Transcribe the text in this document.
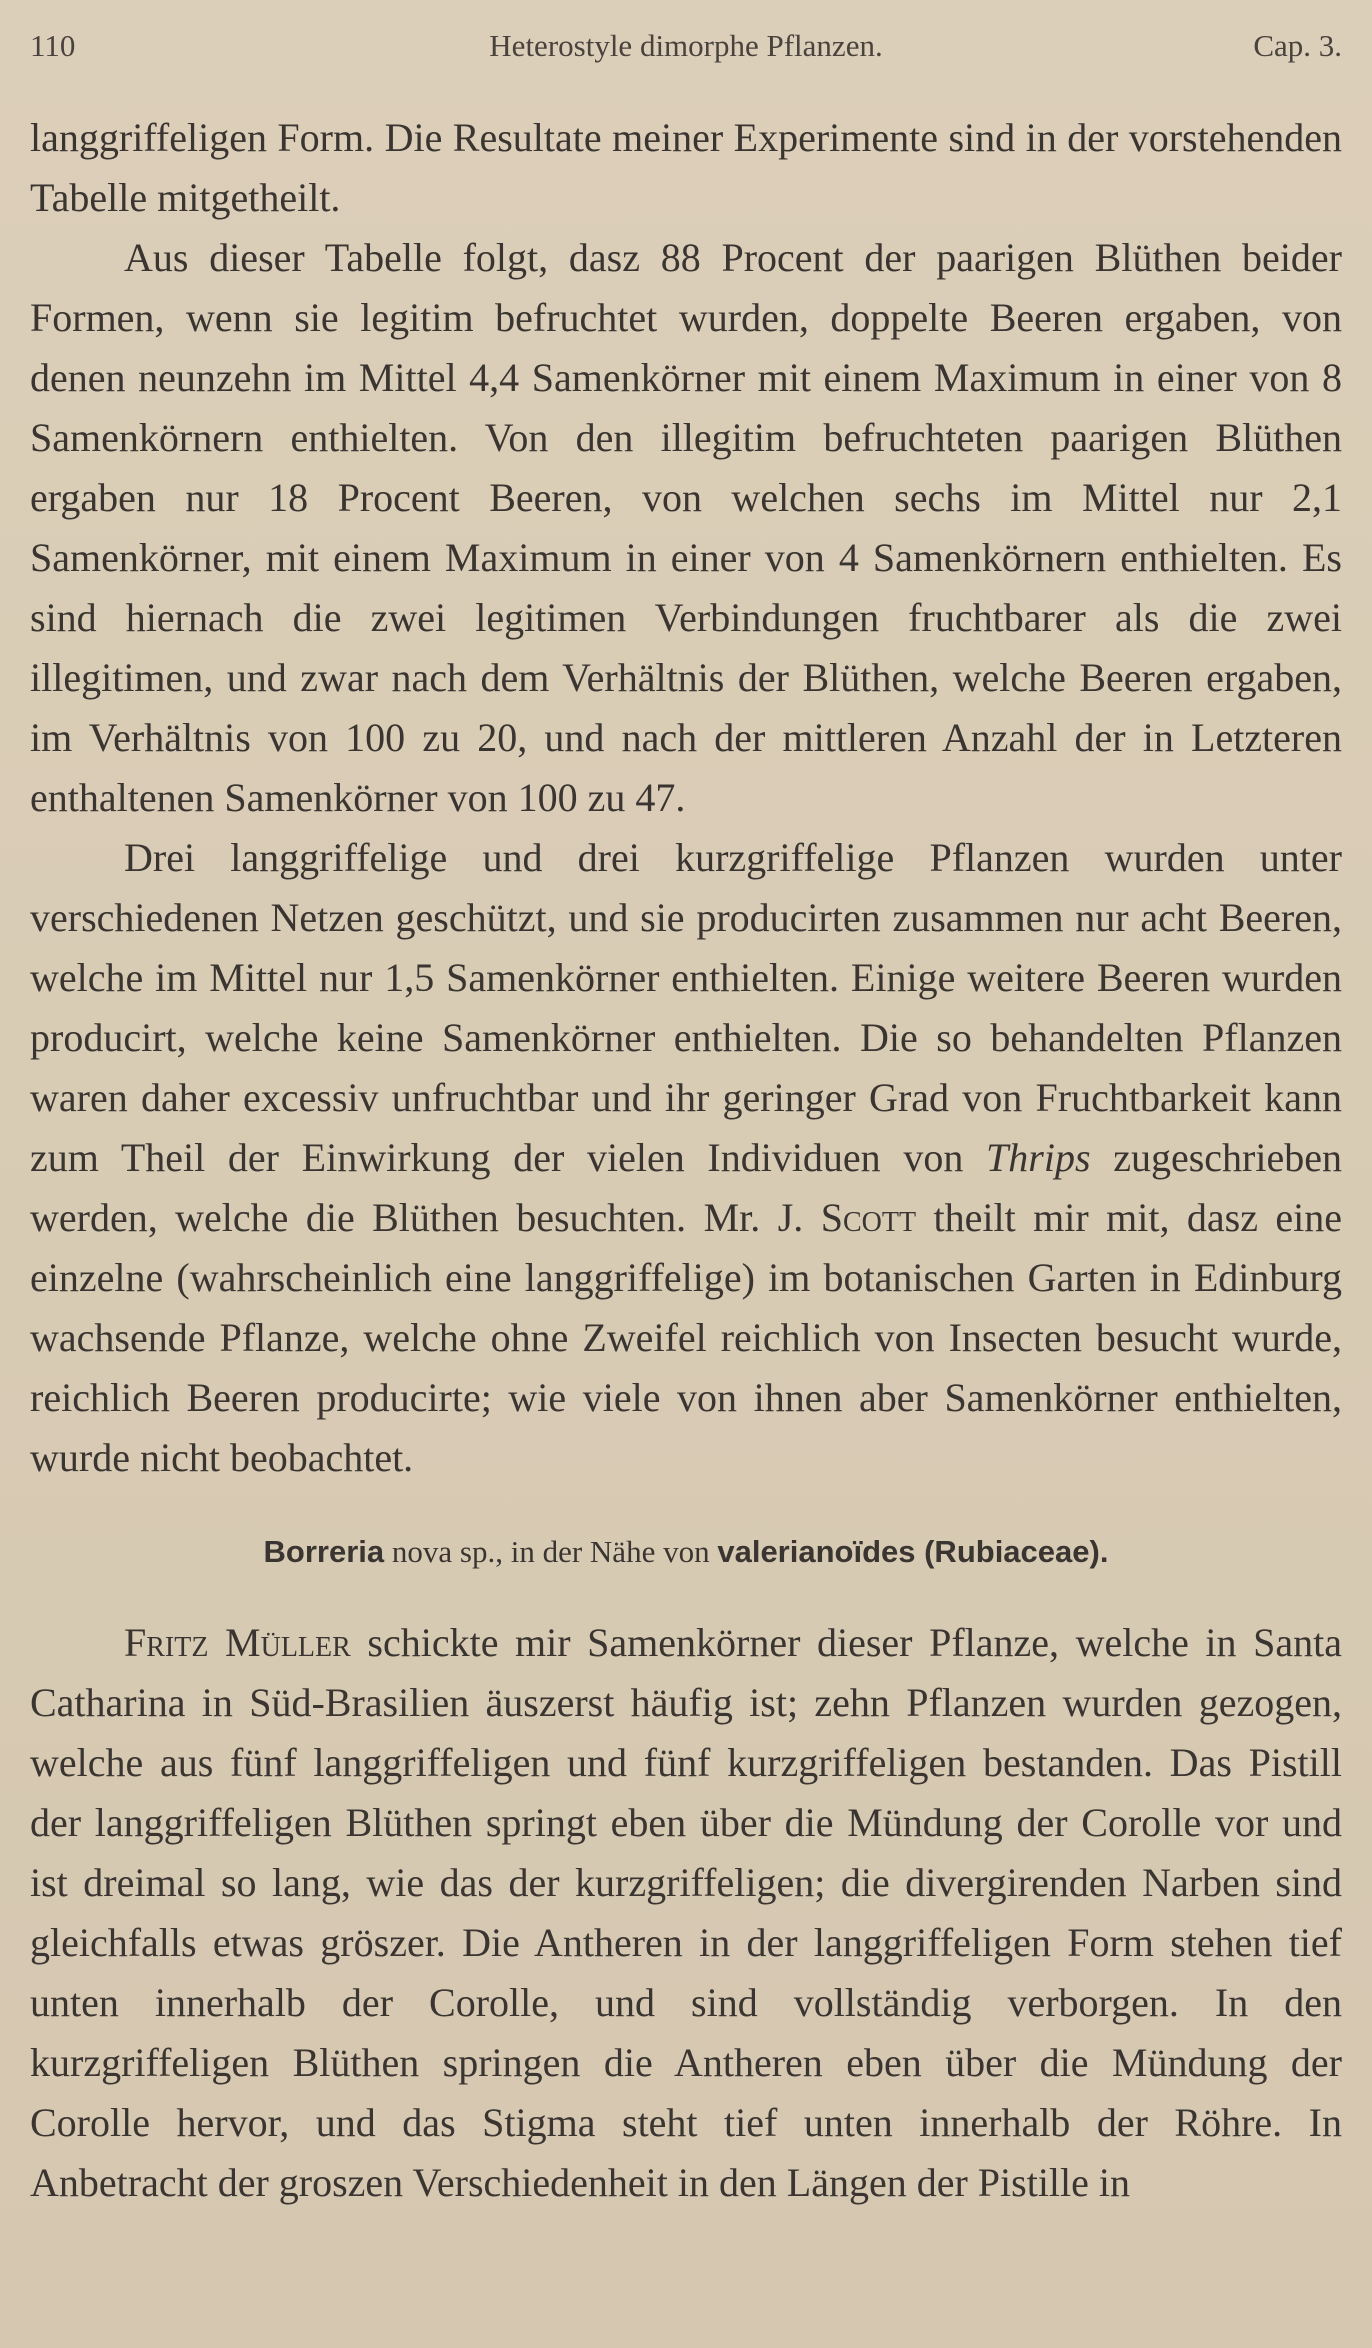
110	Heterostyle dimorphe Pflanzen.	Cap. 3.

langgriffeligen Form. Die Resultate meiner Experimente sind in der vorstehenden Tabelle mitgetheilt.

Aus dieser Tabelle folgt, dasz 88 Procent der paarigen Blüthen beider Formen, wenn sie legitim befruchtet wurden, doppelte Beeren ergaben, von denen neunzehn im Mittel 4,4 Samenkörner mit einem Maximum in einer von 8 Samenkörnern enthielten. Von den illegitim befruchteten paarigen Blüthen ergaben nur 18 Procent Beeren, von welchen sechs im Mittel nur 2,1 Samenkörner, mit einem Maximum in einer von 4 Samenkörnern enthielten. Es sind hiernach die zwei legitimen Verbindungen fruchtbarer als die zwei illegitimen, und zwar nach dem Verhältnis der Blüthen, welche Beeren ergaben, im Verhältnis von 100 zu 20, und nach der mittleren Anzahl der in Letzteren enthaltenen Samenkörner von 100 zu 47.

Drei langgriffelige und drei kurzgriffelige Pflanzen wurden unter verschiedenen Netzen geschützt, und sie producirten zusammen nur acht Beeren, welche im Mittel nur 1,5 Samenkörner enthielten. Einige weitere Beeren wurden producirt, welche keine Samenkörner enthielten. Die so behandelten Pflanzen waren daher excessiv unfruchtbar und ihr geringer Grad von Fruchtbarkeit kann zum Theil der Einwirkung der vielen Individuen von Thrips zugeschrieben werden, welche die Blüthen besuchten. Mr. J. Scott theilt mir mit, dasz eine einzelne (wahrscheinlich eine langgriffelige) im botanischen Garten in Edinburg wachsende Pflanze, welche ohne Zweifel reichlich von Insecten besucht wurde, reichlich Beeren producirte; wie viele von ihnen aber Samenkörner enthielten, wurde nicht beobachtet.

Borreria nova sp., in der Nähe von valerianoïdes (Rubiaceae).

Fritz Müller schickte mir Samenkörner dieser Pflanze, welche in Santa Catharina in Süd-Brasilien äuszerst häufig ist; zehn Pflanzen wurden gezogen, welche aus fünf langgriffeligen und fünf kurzgriffeligen bestanden. Das Pistill der langgriffeligen Blüthen springt eben über die Mündung der Corolle vor und ist dreimal so lang, wie das der kurzgriffeligen; die divergirenden Narben sind gleichfalls etwas gröszer. Die Antheren in der langgriffeligen Form stehen tief unten innerhalb der Corolle, und sind vollständig verborgen. In den kurzgriffeligen Blüthen springen die Antheren eben über die Mündung der Corolle hervor, und das Stigma steht tief unten innerhalb der Röhre. In Anbetracht der groszen Verschiedenheit in den Längen der Pistille in
